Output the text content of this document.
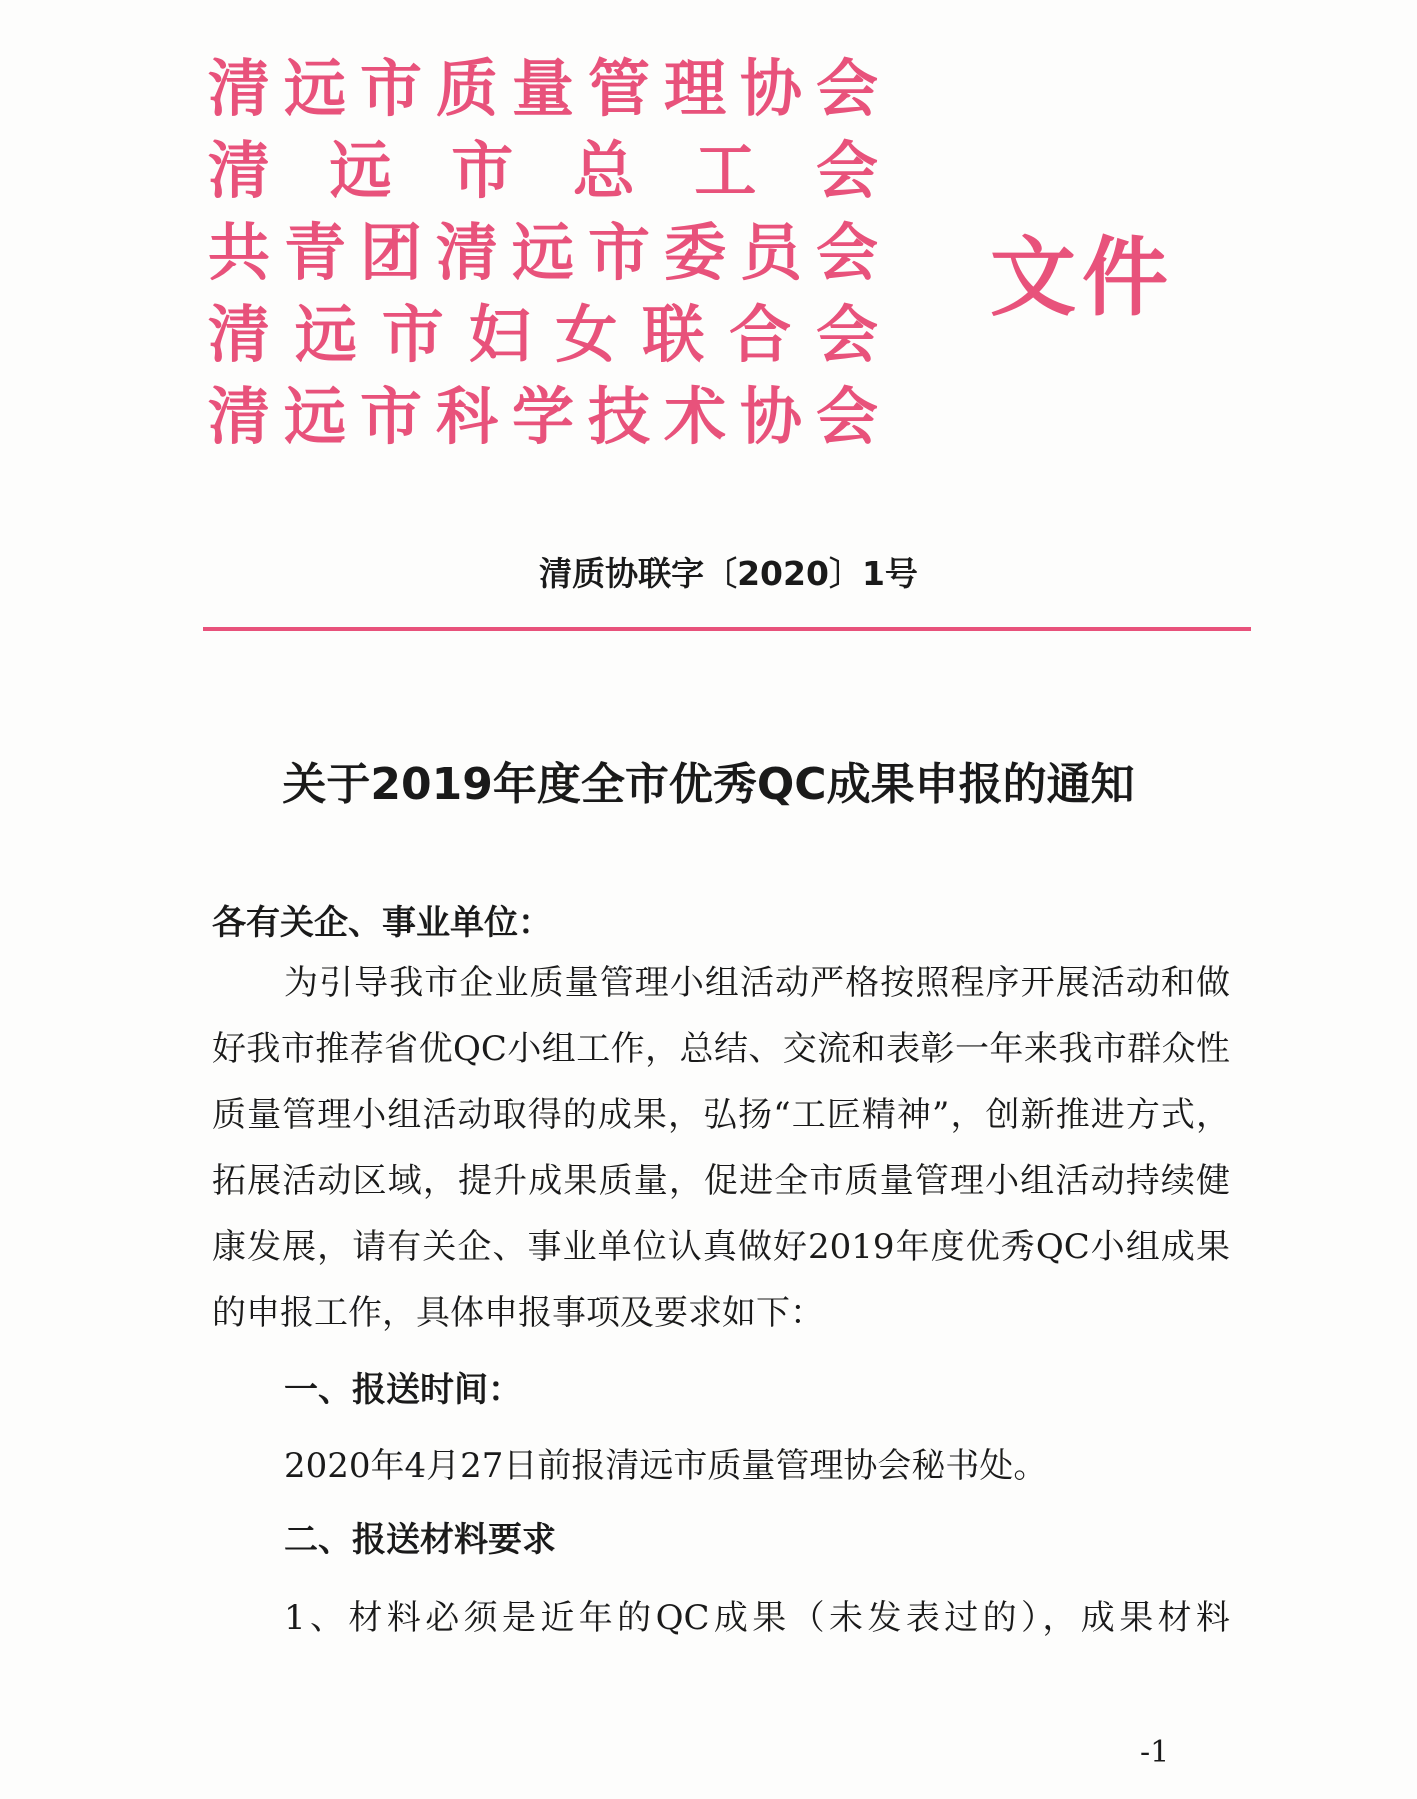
清远市质量管理协会
清远市总工会
共青团清远市委员会
清远市妇女联合会
清远市科学技术协会
文件
清质协联字〔2020〕1号
关于2019年度全市优秀QC成果申报的通知
各有关企、事业单位：
为引导我市企业质量管理小组活动严格按照程序开展活动和做好我市推荐省优QC小组工作，总结、交流和表彰一年来我市群众性质量管理小组活动取得的成果，弘扬“工匠精神”，创新推进方式，拓展活动区域，提升成果质量，促进全市质量管理小组活动持续健康发展，请有关企、事业单位认真做好2019年度优秀QC小组成果的申报工作，具体申报事项及要求如下：
一、报送时间：
2020年4月27日前报清远市质量管理协会秘书处。
二、报送材料要求
1、材料必须是近年的QC成果（未发表过的），成果材料
-1
